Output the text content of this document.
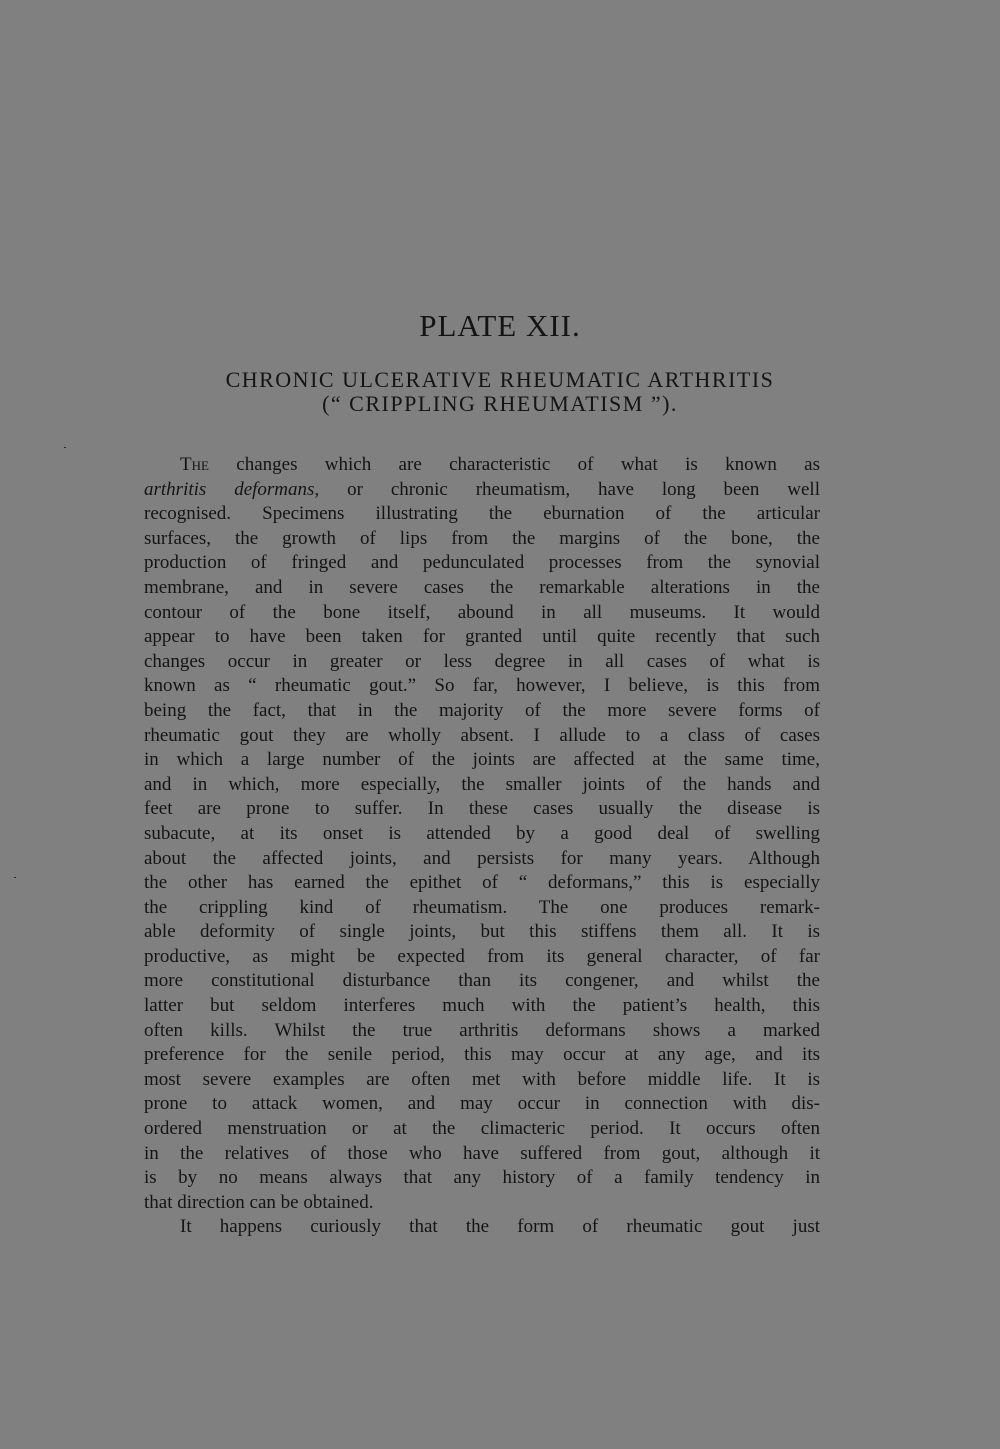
PLATE XII.
CHRONIC ULCERATIVE RHEUMATIC ARTHRITIS
(“ CRIPPLING RHEUMATISM ”).
The changes which are characteristic of what is known as
arthritis deformans, or chronic rheumatism, have long been well
recognised. Specimens illustrating the eburnation of the articular
surfaces, the growth of lips from the margins of the bone, the
production of fringed and pedunculated processes from the synovial
membrane, and in severe cases the remarkable alterations in the
contour of the bone itself, abound in all museums. It would
appear to have been taken for granted until quite recently that such
changes occur in greater or less degree in all cases of what is
known as “ rheumatic gout.” So far, however, I believe, is this from
being the fact, that in the majority of the more severe forms of
rheumatic gout they are wholly absent. I allude to a class of cases
in which a large number of the joints are affected at the same time,
and in which, more especially, the smaller joints of the hands and
feet are prone to suffer. In these cases usually the disease is
subacute, at its onset is attended by a good deal of swelling
about the affected joints, and persists for many years. Although
the other has earned the epithet of “ deformans,” this is especially
the crippling kind of rheumatism. The one produces remark-
able deformity of single joints, but this stiffens them all. It is
productive, as might be expected from its general character, of far
more constitutional disturbance than its congener, and whilst the
latter but seldom interferes much with the patient’s health, this
often kills. Whilst the true arthritis deformans shows a marked
preference for the senile period, this may occur at any age, and its
most severe examples are often met with before middle life. It is
prone to attack women, and may occur in connection with dis-
ordered menstruation or at the climacteric period. It occurs often
in the relatives of those who have suffered from gout, although it
is by no means always that any history of a family tendency in
that direction can be obtained.
It happens curiously that the form of rheumatic gout just
